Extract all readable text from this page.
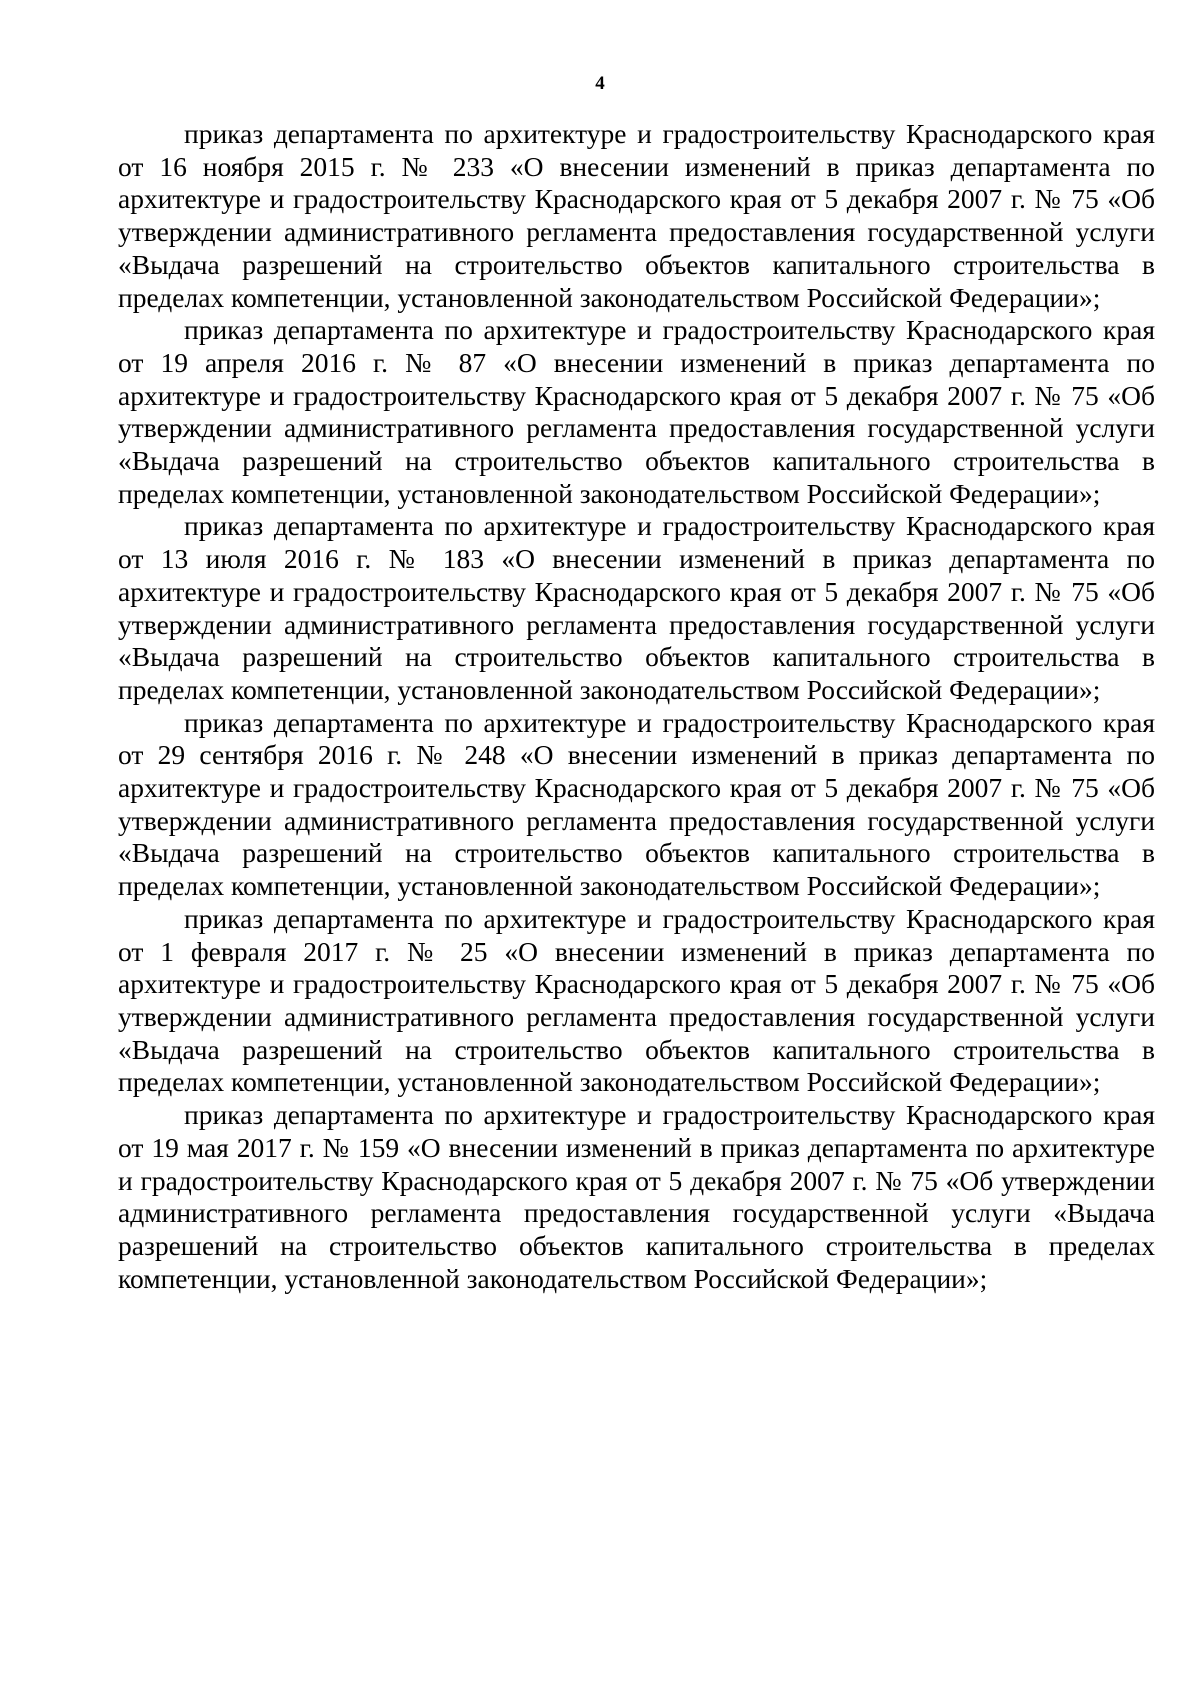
4

приказ департамента по архитектуре и градостроительству Краснодарского края от 16 ноября 2015 г. № 233 «О внесении изменений в приказ департамента по архитектуре и градостроительству Краснодарского края от 5 декабря 2007 г. № 75 «Об утверждении административного регламента предоставления государственной услуги «Выдача разрешений на строительство объектов капитального строительства в пределах компетенции, установленной законодательством Российской Федерации»;

приказ департамента по архитектуре и градостроительству Краснодарского края от 19 апреля 2016 г. № 87 «О внесении изменений в приказ департамента по архитектуре и градостроительству Краснодарского края от 5 декабря 2007 г. № 75 «Об утверждении административного регламента предоставления государственной услуги «Выдача разрешений на строительство объектов капитального строительства в пределах компетенции, установленной законодательством Российской Федерации»;

приказ департамента по архитектуре и градостроительству Краснодарского края от 13 июля 2016 г. № 183 «О внесении изменений в приказ департамента по архитектуре и градостроительству Краснодарского края от 5 декабря 2007 г. № 75 «Об утверждении административного регламента предоставления государственной услуги «Выдача разрешений на строительство объектов капитального строительства в пределах компетенции, установленной законодательством Российской Федерации»;

приказ департамента по архитектуре и градостроительству Краснодарского края от 29 сентября 2016 г. № 248 «О внесении изменений в приказ департамента по архитектуре и градостроительству Краснодарского края от 5 декабря 2007 г. № 75 «Об утверждении административного регламента предоставления государственной услуги «Выдача разрешений на строительство объектов капитального строительства в пределах компетенции, установленной законодательством Российской Федерации»;

приказ департамента по архитектуре и градостроительству Краснодарского края от 1 февраля 2017 г. № 25 «О внесении изменений в приказ департамента по архитектуре и градостроительству Краснодарского края от 5 декабря 2007 г. № 75 «Об утверждении административного регламента предоставления государственной услуги «Выдача разрешений на строительство объектов капитального строительства в пределах компетенции, установленной законодательством Российской Федерации»;

приказ департамента по архитектуре и градостроительству Краснодарского края от 19 мая 2017 г. № 159 «О внесении изменений в приказ департамента по архитектуре и градостроительству Краснодарского края от 5 декабря 2007 г. № 75 «Об утверждении административного регламента предоставления государственной услуги «Выдача разрешений на строительство объектов капитального строительства в пределах компетенции, установленной законодательством Российской Федерации»;
